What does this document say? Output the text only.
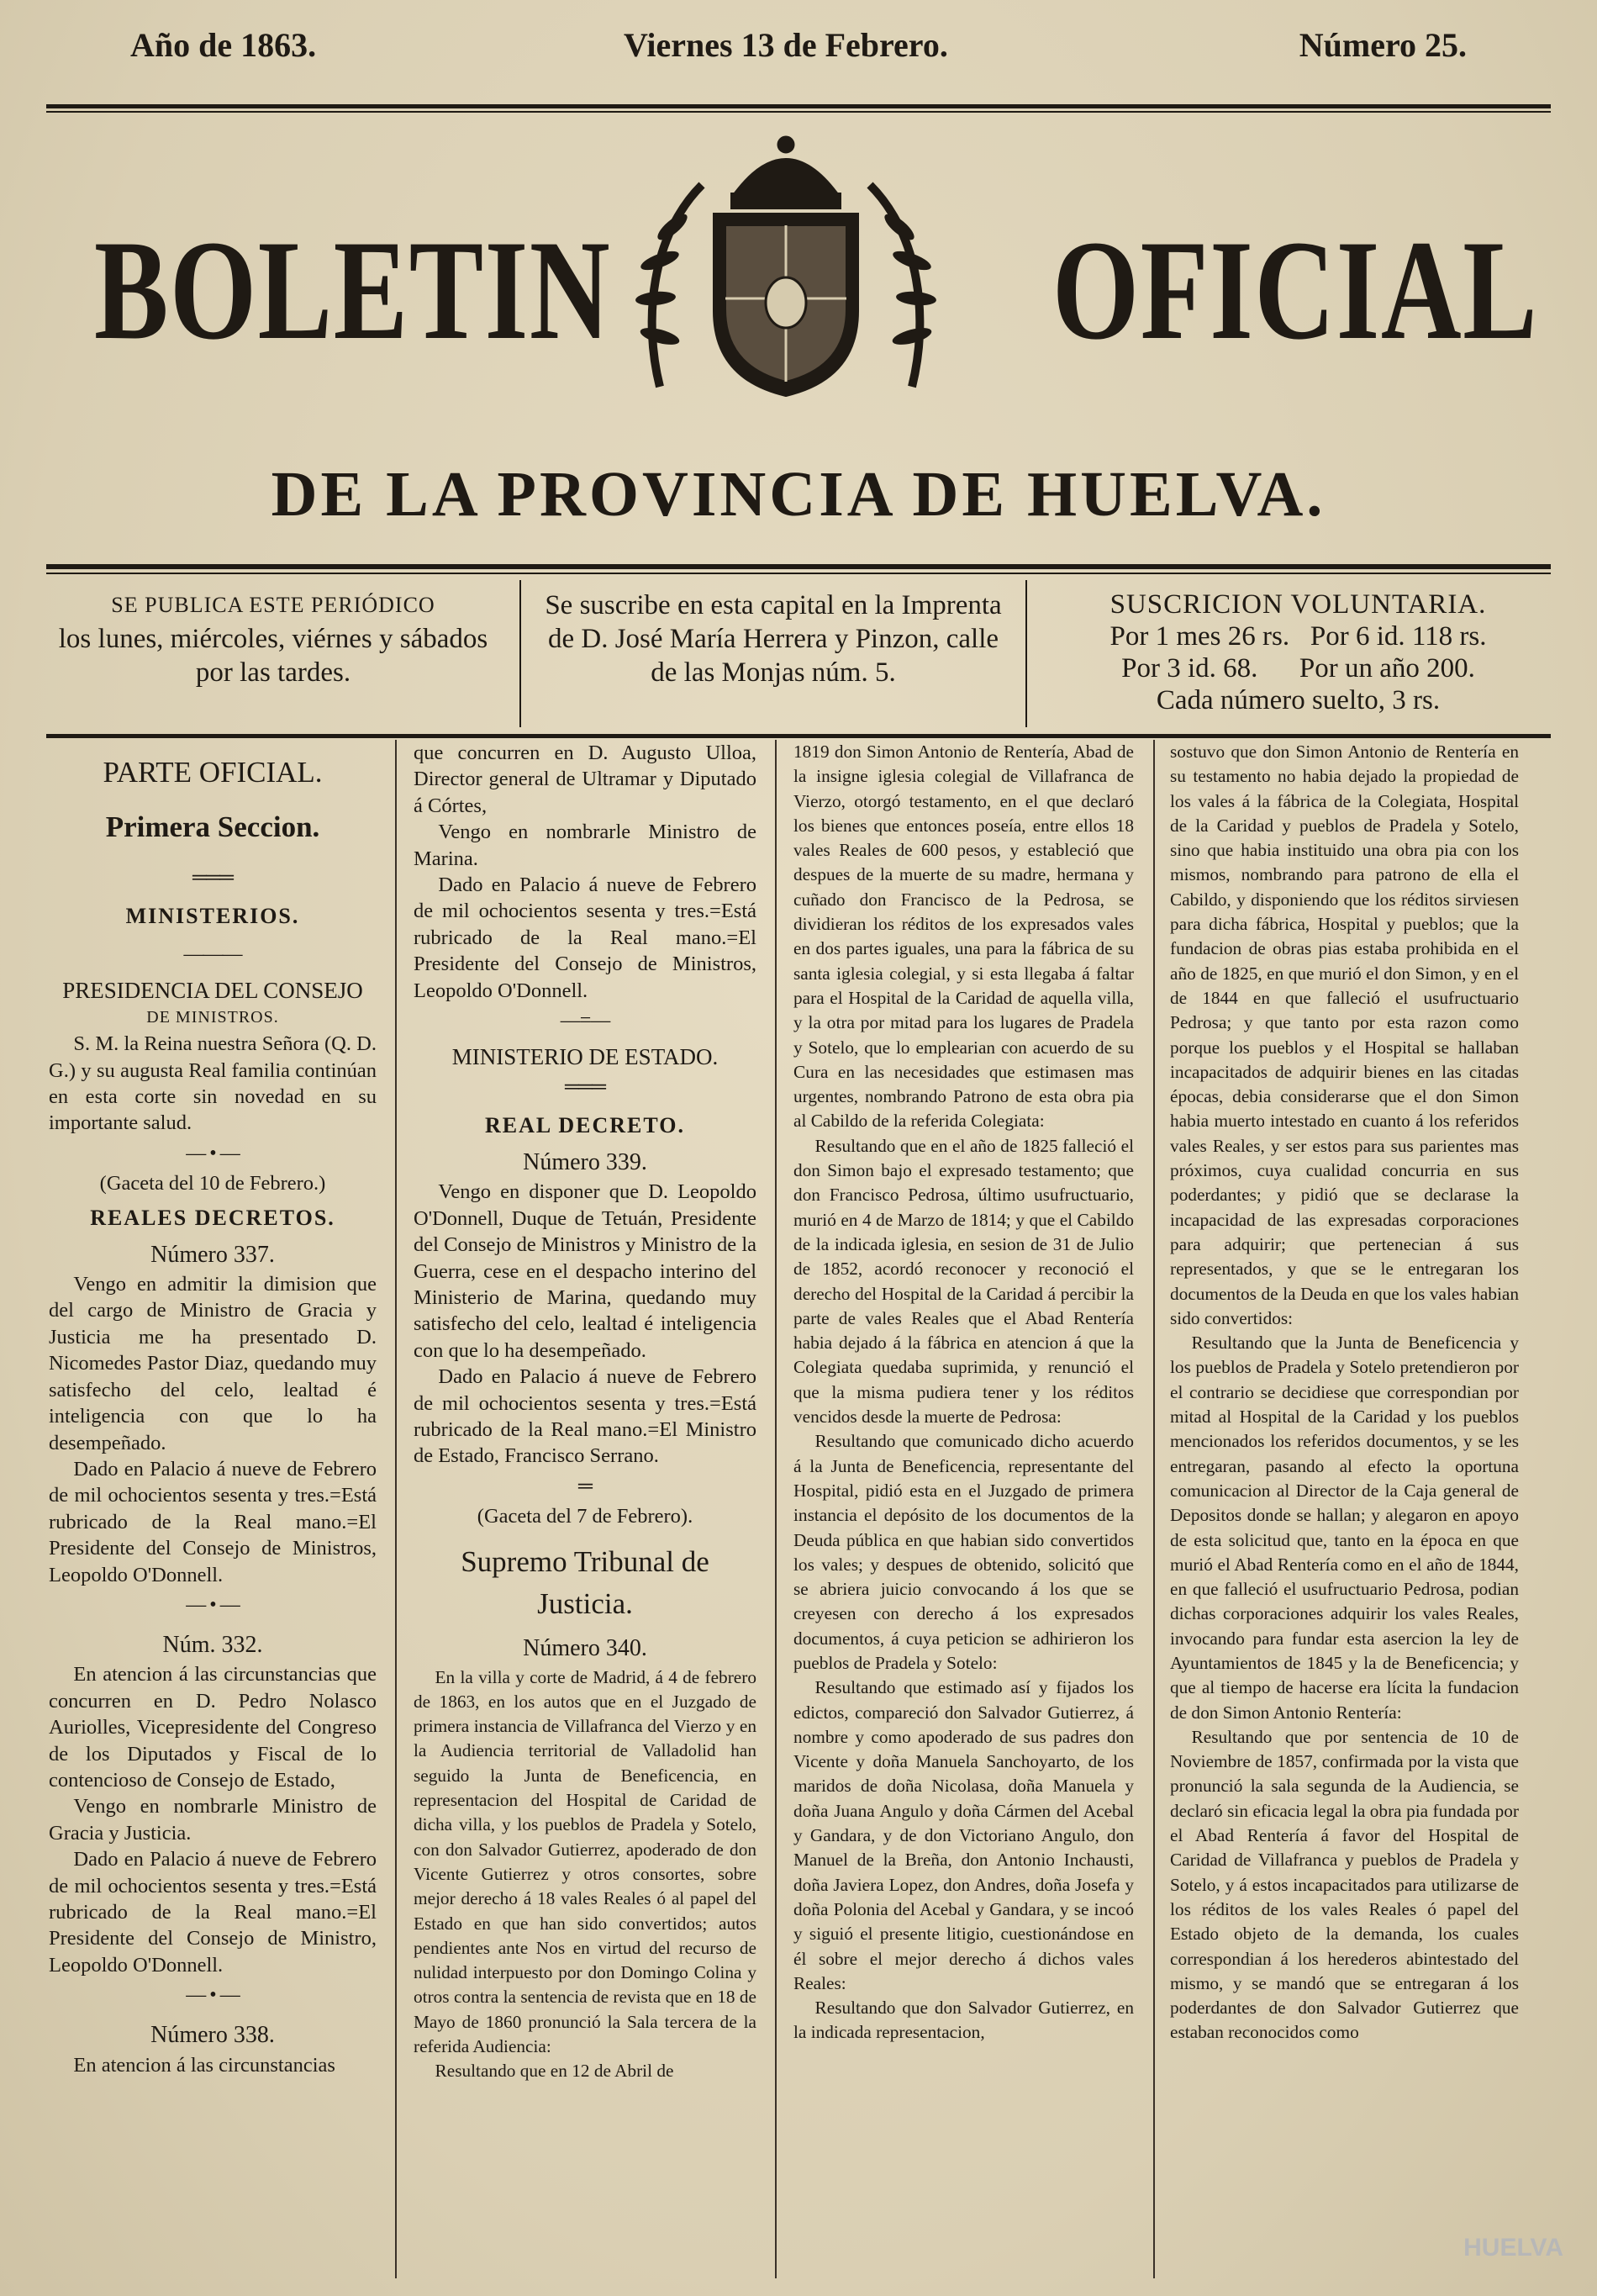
Año de 1863.	Viernes 13 de Febrero.	Número 25.
BOLETIN	OFICIAL
DE LA PROVINCIA DE HUELVA.
SE PUBLICA ESTE PERIÓDICO
los lunes, miércoles, viérnes y sábados
por las tardes.
Se suscribe en esta capital en la Imprenta
de D. José María Herrera y Pinzon, calle
de las Monjas núm. 5.
SUSCRICION VOLUNTARIA.
Por 1 mes 26 rs.   Por 6 id. 118 rs.
Por 3 id. 68.      Por un año 200.
Cada número suelto, 3 rs.

PARTE OFICIAL.

Primera Seccion.

═══

MINISTERIOS.

———

PRESIDENCIA DEL CONSEJO

DE MINISTROS.

S. M. la Reina nuestra Señora (Q. D. G.) y su augusta Real familia continúan en esta corte sin novedad en su importante salud.

— • —

(Gaceta del 10 de Febrero.)

REALES DECRETOS.

Número 337.

Vengo en admitir la dimision que del cargo de Ministro de Gracia y Justicia me ha presentado D. Nicomedes Pastor Diaz, quedando muy satisfecho del celo, lealtad é inteligencia con que lo ha desempeñado.

Dado en Palacio á nueve de Febrero de mil ochocientos sesenta y tres.=Está rubricado de la Real mano.=El Presidente del Consejo de Ministros, Leopoldo O'Donnell.

— • —

Núm. 332.

En atencion á las circunstancias que concurren en D. Pedro Nolasco Auriolles, Vicepresidente del Congreso de los Diputados y Fiscal de lo contencioso de Consejo de Estado,

Vengo en nombrarle Ministro de Gracia y Justicia.

Dado en Palacio á nueve de Febrero de mil ochocientos sesenta y tres.=Está rubricado de la Real mano.=El Presidente del Consejo de Ministro, Leopoldo O'Donnell.

— • —

Número 338.

En atencion á las circunstancias

que concurren en D. Augusto Ulloa, Director general de Ultramar y Diputado á Córtes,

Vengo en nombrarle Ministro de Marina.

Dado en Palacio á nueve de Febrero de mil ochocientos sesenta y tres.=Está rubricado de la Real mano.=El Presidente del Consejo de Ministros, Leopoldo O'Donnell.

—=—

MINISTERIO DE ESTADO.

═══

REAL DECRETO.

Número 339.

Vengo en disponer que D. Leopoldo O'Donnell, Duque de Tetuán, Presidente del Consejo de Ministros y Ministro de la Guerra, cese en el despacho interino del Ministerio de Marina, quedando muy satisfecho del celo, lealtad é inteligencia con que lo ha desempeñado.

Dado en Palacio á nueve de Febrero de mil ochocientos sesenta y tres.=Está rubricado de la Real mano.=El Ministro de Estado, Francisco Serrano.

═

(Gaceta del 7 de Febrero).

Supremo Tribunal de Justicia.

Número 340.

En la villa y corte de Madrid, á 4 de febrero de 1863, en los autos que en el Juzgado de primera instancia de Villafranca del Vierzo y en la Audiencia territorial de Valladolid han seguido la Junta de Beneficencia, en representacion del Hospital de Caridad de dicha villa, y los pueblos de Pradela y Sotelo, con don Salvador Gutierrez, apoderado de don Vicente Gutierrez y otros consortes, sobre mejor derecho á 18 vales Reales ó al papel del Estado en que han sido convertidos; autos pendientes ante Nos en virtud del recurso de nulidad interpuesto por don Domingo Colina y otros contra la sentencia de revista que en 18 de Mayo de 1860 pronunció la Sala tercera de la referida Audiencia:

Resultando que en 12 de Abril de

1819 don Simon Antonio de Rentería, Abad de la insigne iglesia colegial de Villafranca de Vierzo, otorgó testamento, en el que declaró los bienes que entonces poseía, entre ellos 18 vales Reales de 600 pesos, y estableció que despues de la muerte de su madre, hermana y cuñado don Francisco de la Pedrosa, se dividieran los réditos de los expresados vales en dos partes iguales, una para la fábrica de su santa iglesia colegial, y si esta llegaba á faltar para el Hospital de la Caridad de aquella villa, y la otra por mitad para los lugares de Pradela y Sotelo, que lo emplearian con acuerdo de su Cura en las necesidades que estimasen mas urgentes, nombrando Patrono de esta obra pia al Cabildo de la referida Colegiata:

Resultando que en el año de 1825 falleció el don Simon bajo el expresado testamento; que don Francisco Pedrosa, último usufructuario, murió en 4 de Marzo de 1814; y que el Cabildo de la indicada iglesia, en sesion de 31 de Julio de 1852, acordó reconocer y reconoció el derecho del Hospital de la Caridad á percibir la parte de vales Reales que el Abad Rentería habia dejado á la fábrica en atencion á que la Colegiata quedaba suprimida, y renunció el que la misma pudiera tener y los réditos vencidos desde la muerte de Pedrosa:

Resultando que comunicado dicho acuerdo á la Junta de Beneficencia, representante del Hospital, pidió esta en el Juzgado de primera instancia el depósito de los documentos de la Deuda pública en que habian sido convertidos los vales; y despues de obtenido, solicitó que se abriera juicio convocando á los que se creyesen con derecho á los expresados documentos, á cuya peticion se adhirieron los pueblos de Pradela y Sotelo:

Resultando que estimado así y fijados los edictos, compareció don Salvador Gutierrez, á nombre y como apoderado de sus padres don Vicente y doña Manuela Sanchoyarto, de los maridos de doña Nicolasa, doña Manuela y doña Juana Angulo y doña Cármen del Acebal y Gandara, y de don Victoriano Angulo, don Manuel de la Breña, don Antonio Inchausti, doña Javiera Lopez, don Andres, doña Josefa y doña Polonia del Acebal y Gandara, y se incoó y siguió el presente litigio, cuestionándose en él sobre el mejor derecho á dichos vales Reales:

Resultando que don Salvador Gutierrez, en la indicada representacion,

sostuvo que don Simon Antonio de Rentería en su testamento no habia dejado la propiedad de los vales á la fábrica de la Colegiata, Hospital de la Caridad y pueblos de Pradela y Sotelo, sino que habia instituido una obra pia con los mismos, nombrando para patrono de ella el Cabildo, y disponiendo que los réditos sirviesen para dicha fábrica, Hospital y pueblos; que la fundacion de obras pias estaba prohibida en el año de 1825, en que murió el don Simon, y en el de 1844 en que falleció el usufructuario Pedrosa; y que tanto por esta razon como porque los pueblos y el Hospital se hallaban incapacitados de adquirir bienes en las citadas épocas, debia considerarse que el don Simon habia muerto intestado en cuanto á los referidos vales Reales, y ser estos para sus parientes mas próximos, cuya cualidad concurria en sus poderdantes; y pidió que se declarase la incapacidad de las expresadas corporaciones para adquirir; que pertenecian á sus representados, y que se le entregaran los documentos de la Deuda en que los vales habian sido convertidos:

Resultando que la Junta de Beneficencia y los pueblos de Pradela y Sotelo pretendieron por el contrario se decidiese que correspondian por mitad al Hospital de la Caridad y los pueblos mencionados los referidos documentos, y se les entregaran, pasando al efecto la oportuna comunicacion al Director de la Caja general de Depositos donde se hallan; y alegaron en apoyo de esta solicitud que, tanto en la época en que murió el Abad Rentería como en el año de 1844, en que falleció el usufructuario Pedrosa, podian dichas corporaciones adquirir los vales Reales, invocando para fundar esta asercion la ley de Ayuntamientos de 1845 y la de Beneficencia; y que al tiempo de hacerse era lícita la fundacion de don Simon Antonio Rentería:

Resultando que por sentencia de 10 de Noviembre de 1857, confirmada por la vista que pronunció la sala segunda de la Audiencia, se declaró sin eficacia legal la obra pia fundada por el Abad Rentería á favor del Hospital de Caridad de Villafranca y pueblos de Pradela y Sotelo, y á estos incapacitados para utilizarse de los réditos de los vales Reales ó papel del Estado objeto de la demanda, los cuales correspondian á los herederos abintestado del mismo, y se mandó que se entregaran á los poderdantes de don Salvador Gutierrez que estaban reconocidos como

HUELVA
